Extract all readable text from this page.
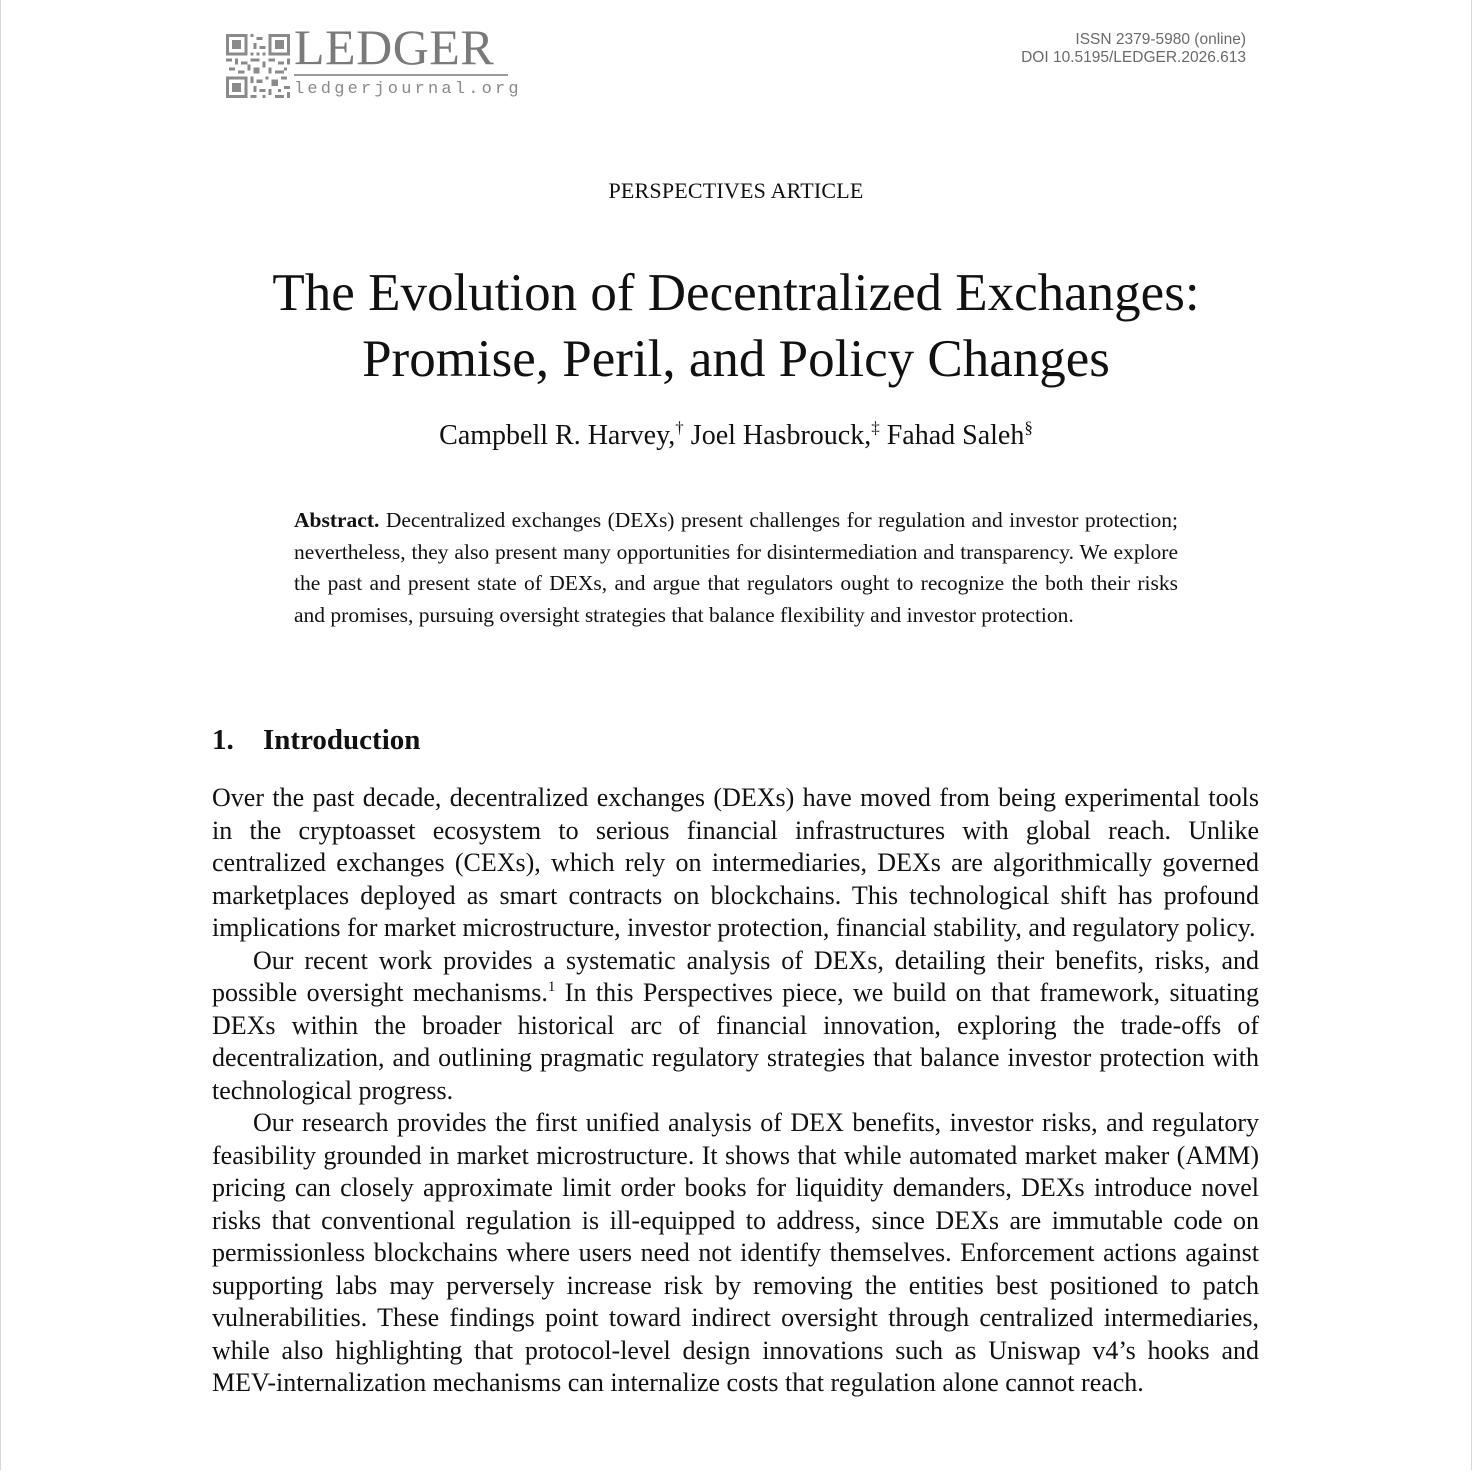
LEDGER
ledgerjournal.org
ISSN 2379-5980 (online)
DOI 10.5195/LEDGER.2026.613
PERSPECTIVES ARTICLE
The Evolution of Decentralized Exchanges:
Promise, Peril, and Policy Changes
Campbell R. Harvey,† Joel Hasbrouck,‡ Fahad Saleh§
Abstract. Decentralized exchanges (DEXs) present challenges for regulation and investor protection; nevertheless, they also present many opportunities for disintermediation and transparency. We explore the past and present state of DEXs, and argue that regulators ought to recognize the both their risks and promises, pursuing oversight strategies that balance flexibility and investor protection.
1. Introduction

Over the past decade, decentralized exchanges (DEXs) have moved from being experimental tools in the cryptoasset ecosystem to serious financial infrastructures with global reach. Unlike centralized exchanges (CEXs), which rely on intermediaries, DEXs are algorithmically governed marketplaces deployed as smart contracts on blockchains. This technological shift has profound implications for market microstructure, investor protection, financial stability, and regulatory policy.

Our recent work provides a systematic analysis of DEXs, detailing their benefits, risks, and possible oversight mechanisms.$^1$ In this Perspectives piece, we build on that framework, situating DEXs within the broader historical arc of financial innovation, exploring the trade-offs of decentralization, and outlining pragmatic regulatory strategies that balance investor protection with technological progress.

Our research provides the first unified analysis of DEX benefits, investor risks, and regulatory feasibility grounded in market microstructure. It shows that while automated market maker (AMM) pricing can closely approximate limit order books for liquidity demanders, DEXs introduce novel risks that conventional regulation is ill-equipped to address, since DEXs are immutable code on permissionless blockchains where users need not identify themselves. Enforcement actions against supporting labs may perversely increase risk by removing the entities best positioned to patch vulnerabilities. These findings point toward indirect oversight through centralized intermediaries, while also highlighting that protocol-level design innovations such as Uniswap v4’s hooks and MEV-internalization mechanisms can internalize costs that regulation alone cannot reach.
